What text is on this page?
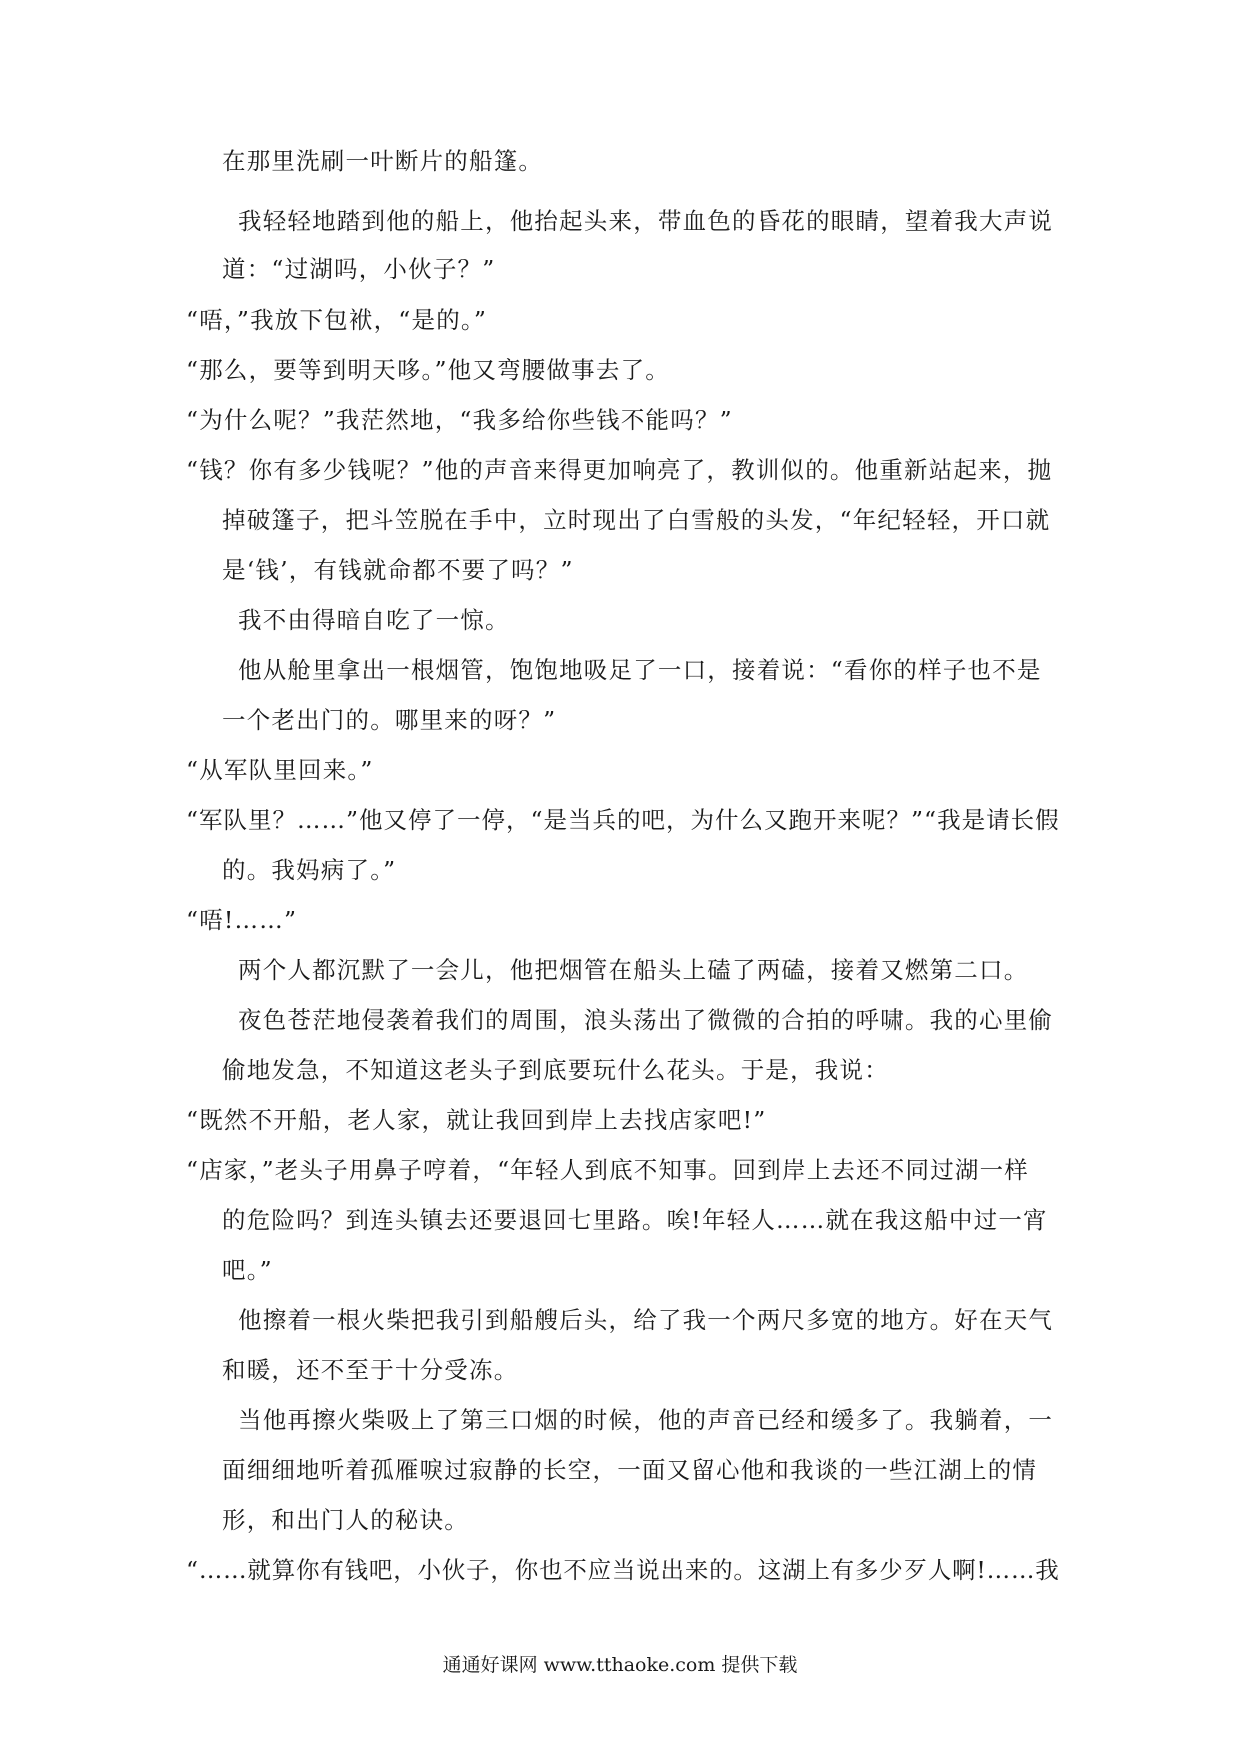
在那里洗刷一叶断片的船篷。
我轻轻地踏到他的船上，他抬起头来，带血色的昏花的眼睛，望着我大声说
道：“过湖吗，小伙子？”
“唔，”我放下包袱，“是的。”
“那么，要等到明天哆。”他又弯腰做事去了。
“为什么呢？”我茫然地，“我多给你些钱不能吗？”
“钱？你有多少钱呢？”他的声音来得更加响亮了，教训似的。他重新站起来，抛
掉破篷子，把斗笠脱在手中，立时现出了白雪般的头发，“年纪轻轻，开口就
是‘钱’，有钱就命都不要了吗？”
我不由得暗自吃了一惊。
他从舱里拿出一根烟管，饱饱地吸足了一口，接着说：“看你的样子也不是
一个老出门的。哪里来的呀？”
“从军队里回来。”
“军队里？……”他又停了一停，“是当兵的吧，为什么又跑开来呢？”“我是请长假
的。我妈病了。”
“唔!……”
两个人都沉默了一会儿，他把烟管在船头上磕了两磕，接着又燃第二口。
夜色苍茫地侵袭着我们的周围，浪头荡出了微微的合拍的呼啸。我的心里偷
偷地发急，不知道这老头子到底要玩什么花头。于是，我说：
“既然不开船，老人家，就让我回到岸上去找店家吧!”
“店家，”老头子用鼻子哼着，“年轻人到底不知事。回到岸上去还不同过湖一样
的危险吗？到连头镇去还要退回七里路。唉!年轻人……就在我这船中过一宵
吧。”
他擦着一根火柴把我引到船艘后头，给了我一个两尺多宽的地方。好在天气
和暖，还不至于十分受冻。
当他再擦火柴吸上了第三口烟的时候，他的声音已经和缓多了。我躺着，一
面细细地听着孤雁唳过寂静的长空，一面又留心他和我谈的一些江湖上的情
形，和出门人的秘诀。
“……就算你有钱吧，小伙子，你也不应当说出来的。这湖上有多少歹人啊!……我
通通好课网 www.tthaoke.com 提供下载
